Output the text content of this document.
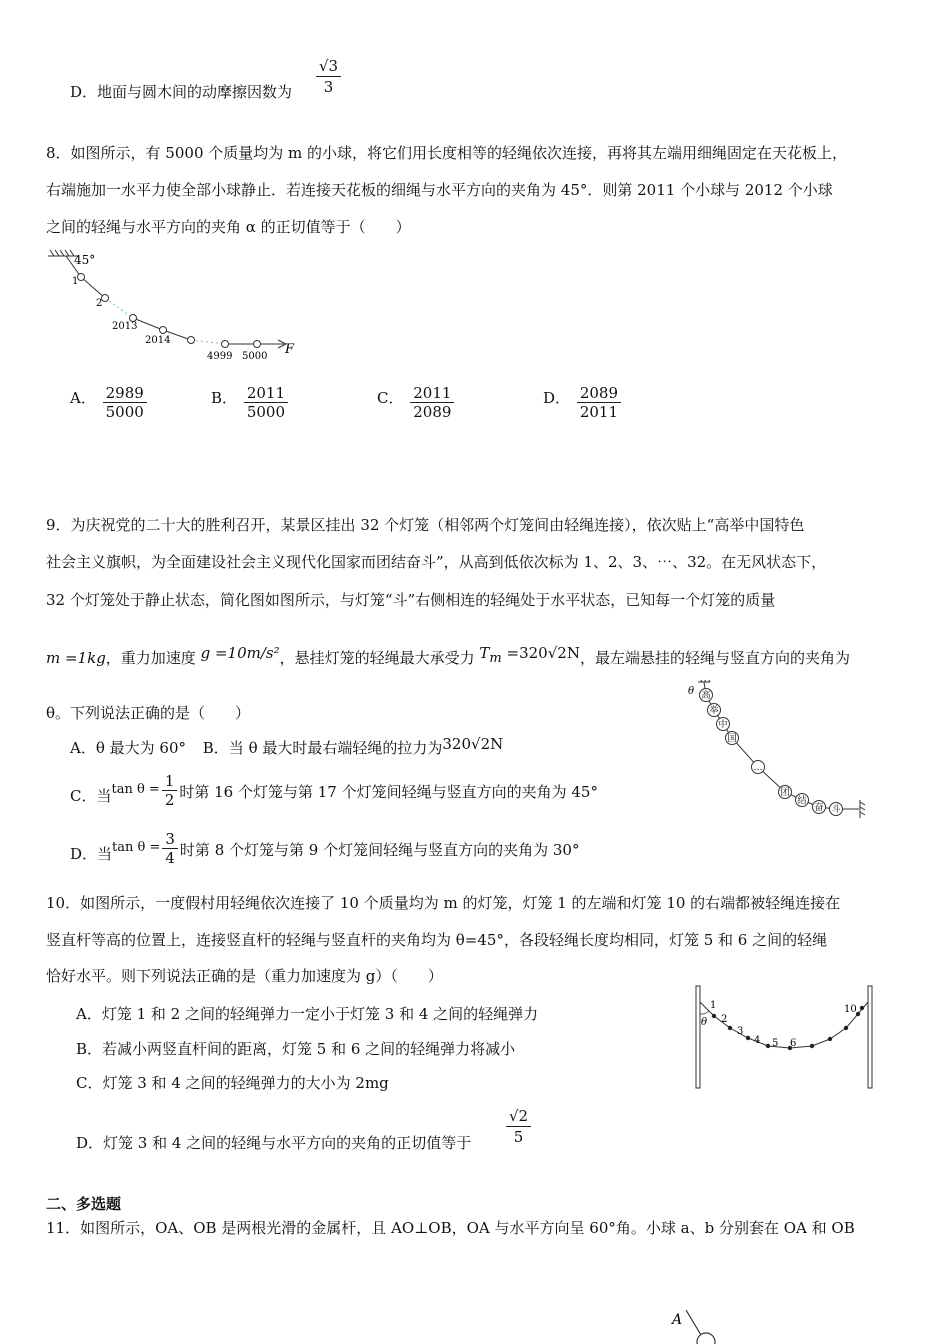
D．地面与圆木间的动摩擦因数为 $\frac{√3}{3}$
8．如图所示，有 5000 个质量均为 m 的小球，将它们用长度相等的轻绳依次连接，再将其左端用细绳固定在天花板上，
右端施加一水平力使全部小球静止．若连接天花板的细绳与水平方向的夹角为 45°．则第 2011 个小球与 2012 个小球
之间的轻绳与水平方向的夹角 α 的正切值等于（　　）
45°
1
2
2013
2014
4999 5000 F
A． $\frac{2989}{5000}$	B． $\frac{2011}{5000}$	C． $\frac{2011}{2089}$	D． $\frac{2089}{2011}$
9．为庆祝党的二十大的胜利召开，某景区挂出 32 个灯笼（相邻两个灯笼间由轻绳连接），依次贴上“高举中国特色
社会主义旗帜，为全面建设社会主义现代化国家而团结奋斗”，从高到低依次标为 1、2、3、⋯、32。在无风状态下，
32 个灯笼处于静止状态，简化图如图所示，与灯笼“斗”右侧相连的轻绳处于水平状态，已知每一个灯笼的质量
m =1kg，重力加速度 g =10m/s²，悬挂灯笼的轻绳最大承受力 $T_m =320√2N$，最左端悬挂的轻绳与竖直方向的夹角为
θ。下列说法正确的是（　　）
A．θ 最大为 60° B．当 θ 最大时最右端轻绳的拉力为320√2N
C．当$\tan \theta = \frac{1}{2}$ 时第 16 个灯笼与第 17 个灯笼间轻绳与竖直方向的夹角为 45°
D．当$\tan \theta = \frac{3}{4}$ 时第 8 个灯笼与第 9 个灯笼间轻绳与竖直方向的夹角为 30°
θ 高
举
中
国
…
团
结
奋 斗
10．如图所示，一度假村用轻绳依次连接了 10 个质量均为 m 的灯笼，灯笼 1 的左端和灯笼 10 的右端都被轻绳连接在
竖直杆等高的位置上，连接竖直杆的轻绳与竖直杆的夹角均为 θ=45°，各段轻绳长度均相同，灯笼 5 和 6 之间的轻绳
恰好水平。则下列说法正确的是（重力加速度为 g）（　　）
A．灯笼 1 和 2 之间的轻绳弹力一定小于灯笼 3 和 4 之间的轻绳弹力
B．若减小两竖直杆间的距离，灯笼 5 和 6 之间的轻绳弹力将减小
C．灯笼 3 和 4 之间的轻绳弹力的大小为 2mg
D．灯笼 3 和 4 之间的轻绳与水平方向的夹角的正切值等于 $\frac{√2}{5}$
θ
1
2
3
4 5 6
10
二、多选题
11．如图所示，OA、OB 是两根光滑的金属杆，且 AO⊥OB，OA 与水平方向呈 60°角。小球 a、b 分别套在 OA 和 OB
A
